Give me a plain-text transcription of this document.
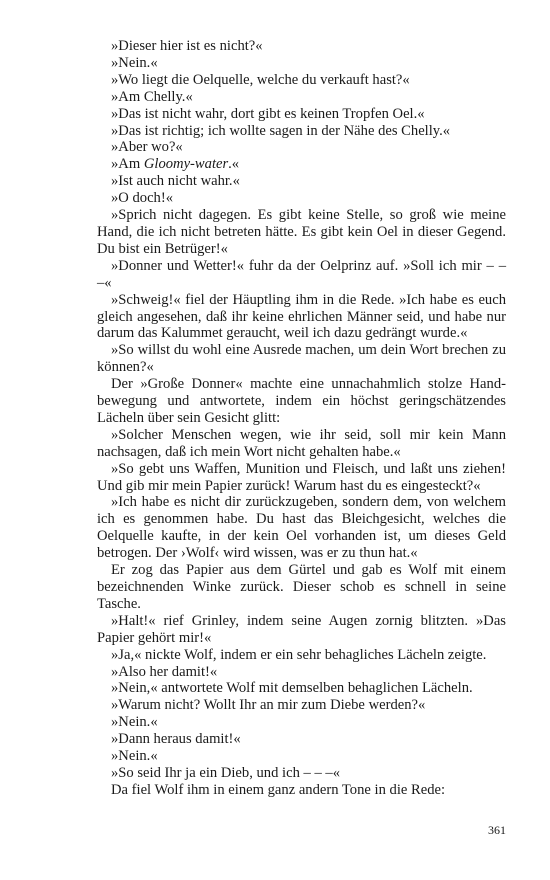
»Dieser hier ist es nicht?«

»Nein.«

»Wo liegt die Oelquelle, welche du verkauft hast?«

»Am Chelly.«

»Das ist nicht wahr, dort gibt es keinen Tropfen Oel.«

»Das ist richtig; ich wollte sagen in der Nähe des Chelly.«

»Aber wo?«

»Am Gloomy-water.«

»Ist auch nicht wahr.«

»O doch!«

»Sprich nicht dagegen. Es gibt keine Stelle, so groß wie meine Hand, die ich nicht betreten hätte. Es gibt kein Oel in dieser Gegend. Du bist ein Betrüger!«

»Donner und Wetter!« fuhr da der Oelprinz auf. »Soll ich mir – – –«

»Schweig!« fiel der Häuptling ihm in die Rede. »Ich habe es euch gleich angesehen, daß ihr keine ehrlichen Männer seid, und habe nur darum das Kalummet geraucht, weil ich dazu gedrängt wurde.«

»So willst du wohl eine Ausrede machen, um dein Wort brechen zu können?«

Der »Große Donner« machte eine unnachahmlich stolze Handbewegung und antwortete, indem ein höchst geringschätzendes Lächeln über sein Gesicht glitt:

»Solcher Menschen wegen, wie ihr seid, soll mir kein Mann nachsagen, daß ich mein Wort nicht gehalten habe.«

»So gebt uns Waffen, Munition und Fleisch, und laßt uns ziehen! Und gib mir mein Papier zurück! Warum hast du es eingesteckt?«

»Ich habe es nicht dir zurückzugeben, sondern dem, von welchem ich es genommen habe. Du hast das Bleichgesicht, welches die Oelquelle kaufte, in der kein Oel vorhanden ist, um dieses Geld betrogen. Der ›Wolf‹ wird wissen, was er zu thun hat.«

Er zog das Papier aus dem Gürtel und gab es Wolf mit einem bezeichnenden Winke zurück. Dieser schob es schnell in seine Tasche.

»Halt!« rief Grinley, indem seine Augen zornig blitzten. »Das Papier gehört mir!«

»Ja,« nickte Wolf, indem er ein sehr behagliches Lächeln zeigte.

»Also her damit!«

»Nein,« antwortete Wolf mit demselben behaglichen Lächeln.

»Warum nicht? Wollt Ihr an mir zum Diebe werden?«

»Nein.«

»Dann heraus damit!«

»Nein.«

»So seid Ihr ja ein Dieb, und ich – – –«

Da fiel Wolf ihm in einem ganz andern Tone in die Rede:

361
